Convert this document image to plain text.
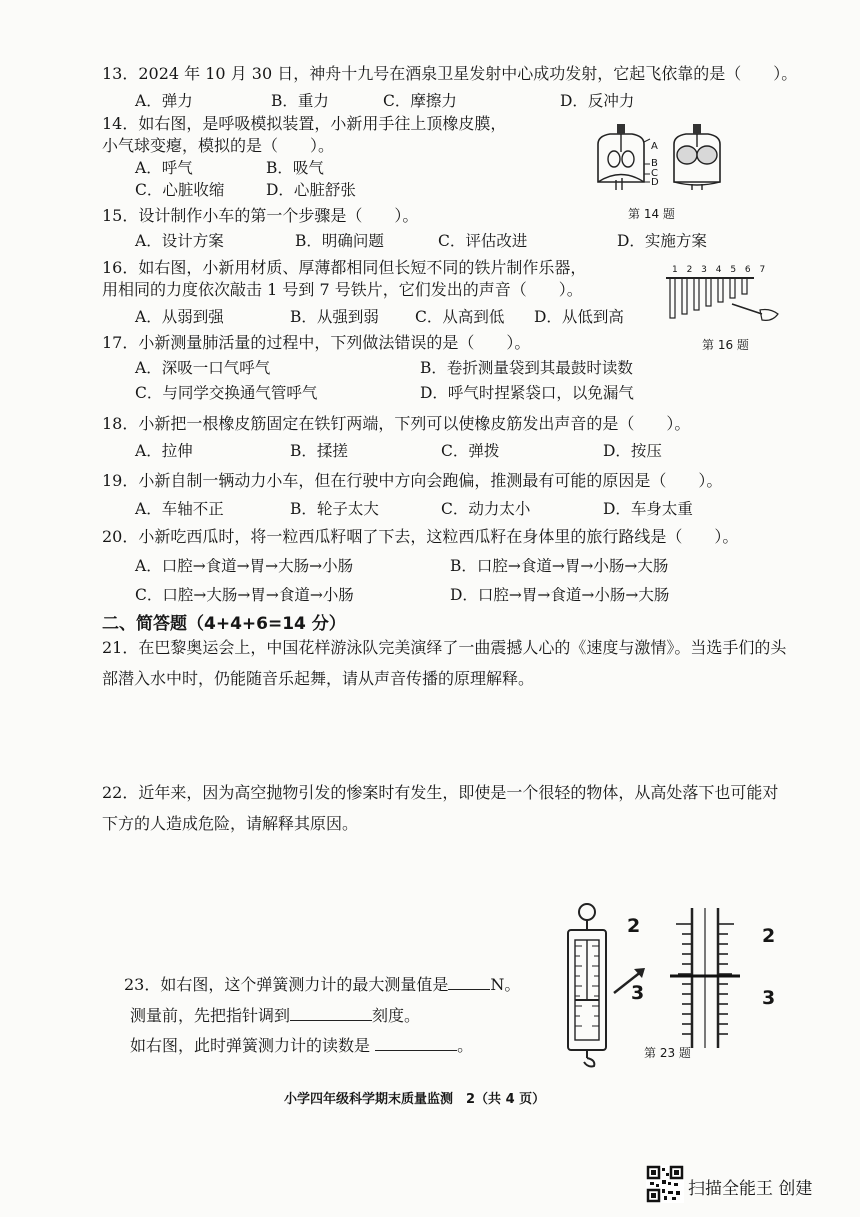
13．2024 年 10 月 30 日，神舟十九号在酒泉卫星发射中心成功发射，它起飞依靠的是（　　）。
A．弹力	B．重力	C．摩擦力	D．反冲力
14．如右图，是呼吸模拟装置，小新用手往上顶橡皮膜，
小气球变瘪，模拟的是（　　）。
A．呼气	B．吸气
C．心脏收缩	D．心脏舒张
A
B
C
D
第 14 题
15．设计制作小车的第一个步骤是（　　）。
A．设计方案	B．明确问题	C．评估改进	D．实施方案
16．如右图，小新用材质、厚薄都相同但长短不同的铁片制作乐器，
用相同的力度依次敲击 1 号到 7 号铁片，它们发出的声音（　　）。
A．从弱到强	B．从强到弱 C．从高到低 D．从低到高
1 2 3 4 5 6 7
第 16 题
17．小新测量肺活量的过程中，下列做法错误的是（　　）。
A．深吸一口气呼气	B．卷折测量袋到其最鼓时读数
C．与同学交换通气管呼气	D．呼气时捏紧袋口，以免漏气
18．小新把一根橡皮筋固定在铁钉两端，下列可以使橡皮筋发出声音的是（　　）。
A．拉伸	B．揉搓	C．弹拨	D．按压
19．小新自制一辆动力小车，但在行驶中方向会跑偏，推测最有可能的原因是（　　）。
A．车轴不正	B．轮子太大	C．动力太小	D．车身太重
20．小新吃西瓜时，将一粒西瓜籽咽了下去，这粒西瓜籽在身体里的旅行路线是（　　）。
A．口腔→食道→胃→大肠→小肠	B．口腔→食道→胃→小肠→大肠
C．口腔→大肠→胃→食道→小肠	D．口腔→胃→食道→小肠→大肠
二、简答题（4+4+6=14 分）
21．在巴黎奥运会上，中国花样游泳队完美演绎了一曲震撼人心的《速度与激情》。当选手们的头部潜入水中时，仍能随音乐起舞，请从声音传播的原理解释。
22．近年来，因为高空抛物引发的惨案时有发生，即使是一个很轻的物体，从高处落下也可能对下方的人造成危险，请解释其原因。
23．如右图，这个弹簧测力计的最大测量值是	N。
测量前，先把指针调到	刻度。
如右图，此时弹簧测力计的读数是	。
2
3
2
3
第 23 题
小学四年级科学期末质量监测　2（共 4 页）
扫描全能王 创建
